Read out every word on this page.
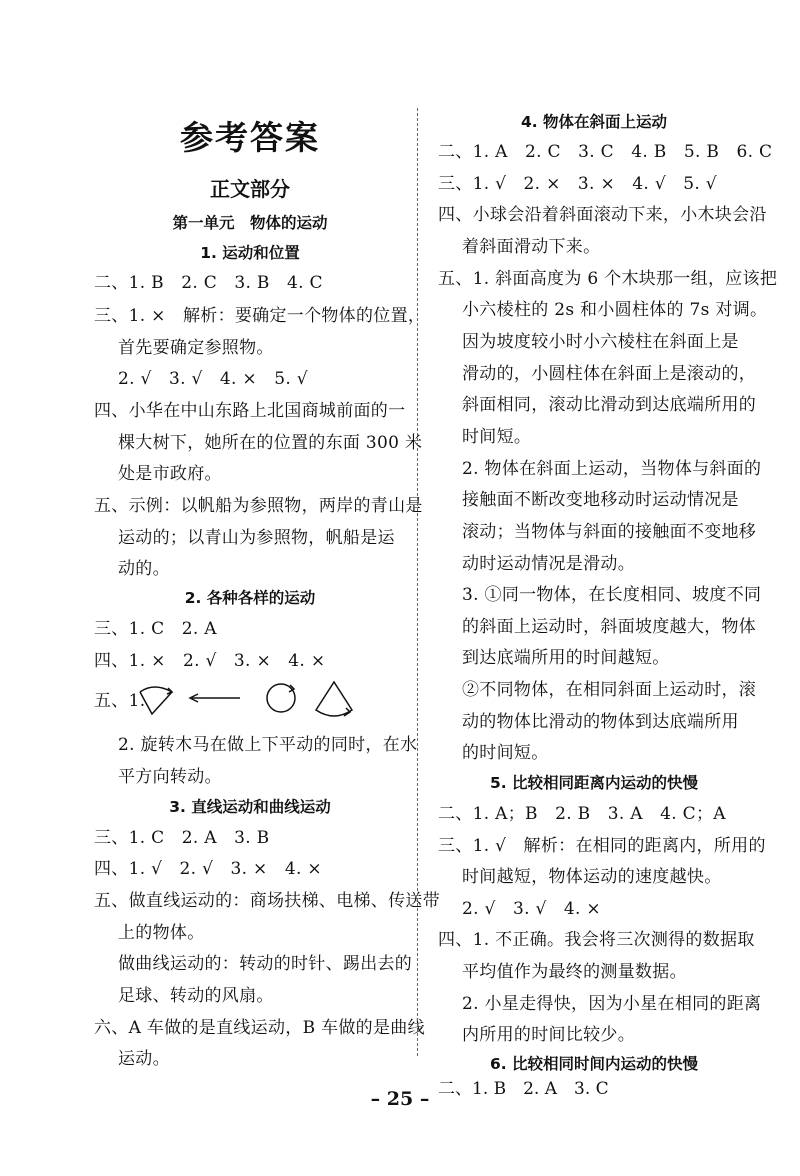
参考答案
正文部分
第一单元　物体的运动
1. 运动和位置
二、1. B　2. C　3. B　4. C
三、1. ×　解析：要确定一个物体的位置，
首先要确定参照物。
2. √　3. √　4. ×　5. √
四、小华在中山东路上北国商城前面的一
棵大树下，她所在的位置的东面 300 米
处是市政府。
五、示例：以帆船为参照物，两岸的青山是
运动的；以青山为参照物，帆船是运
动的。
2. 各种各样的运动
三、1. C　2. A
四、1. ×　2. √　3. ×　4. ×
五、1.
2. 旋转木马在做上下平动的同时，在水
平方向转动。
3. 直线运动和曲线运动
三、1. C　2. A　3. B
四、1. √　2. √　3. ×　4. ×
五、做直线运动的：商场扶梯、电梯、传送带
上的物体。
做曲线运动的：转动的时针、踢出去的
足球、转动的风扇。
六、A 车做的是直线运动，B 车做的是曲线
运动。
4. 物体在斜面上运动
二、1. A　2. C　3. C　4. B　5. B　6. C
三、1. √　2. ×　3. ×　4. √　5. √
四、小球会沿着斜面滚动下来，小木块会沿
着斜面滑动下来。
五、1. 斜面高度为 6 个木块那一组，应该把
小六棱柱的 2s 和小圆柱体的 7s 对调。
因为坡度较小时小六棱柱在斜面上是
滑动的，小圆柱体在斜面上是滚动的，
斜面相同，滚动比滑动到达底端所用的
时间短。
2. 物体在斜面上运动，当物体与斜面的
接触面不断改变地移动时运动情况是
滚动；当物体与斜面的接触面不变地移
动时运动情况是滑动。
3. ①同一物体，在长度相同、坡度不同
的斜面上运动时，斜面坡度越大，物体
到达底端所用的时间越短。
②不同物体，在相同斜面上运动时，滚
动的物体比滑动的物体到达底端所用
的时间短。
5. 比较相同距离内运动的快慢
二、1. A；B　2. B　3. A　4. C；A
三、1. √　解析：在相同的距离内，所用的
时间越短，物体运动的速度越快。
2. √　3. √　4. ×
四、1. 不正确。我会将三次测得的数据取
平均值作为最终的测量数据。
2. 小星走得快，因为小星在相同的距离
内所用的时间比较少。
6. 比较相同时间内运动的快慢
– 25 – 二、1. B　2. A　3. C
